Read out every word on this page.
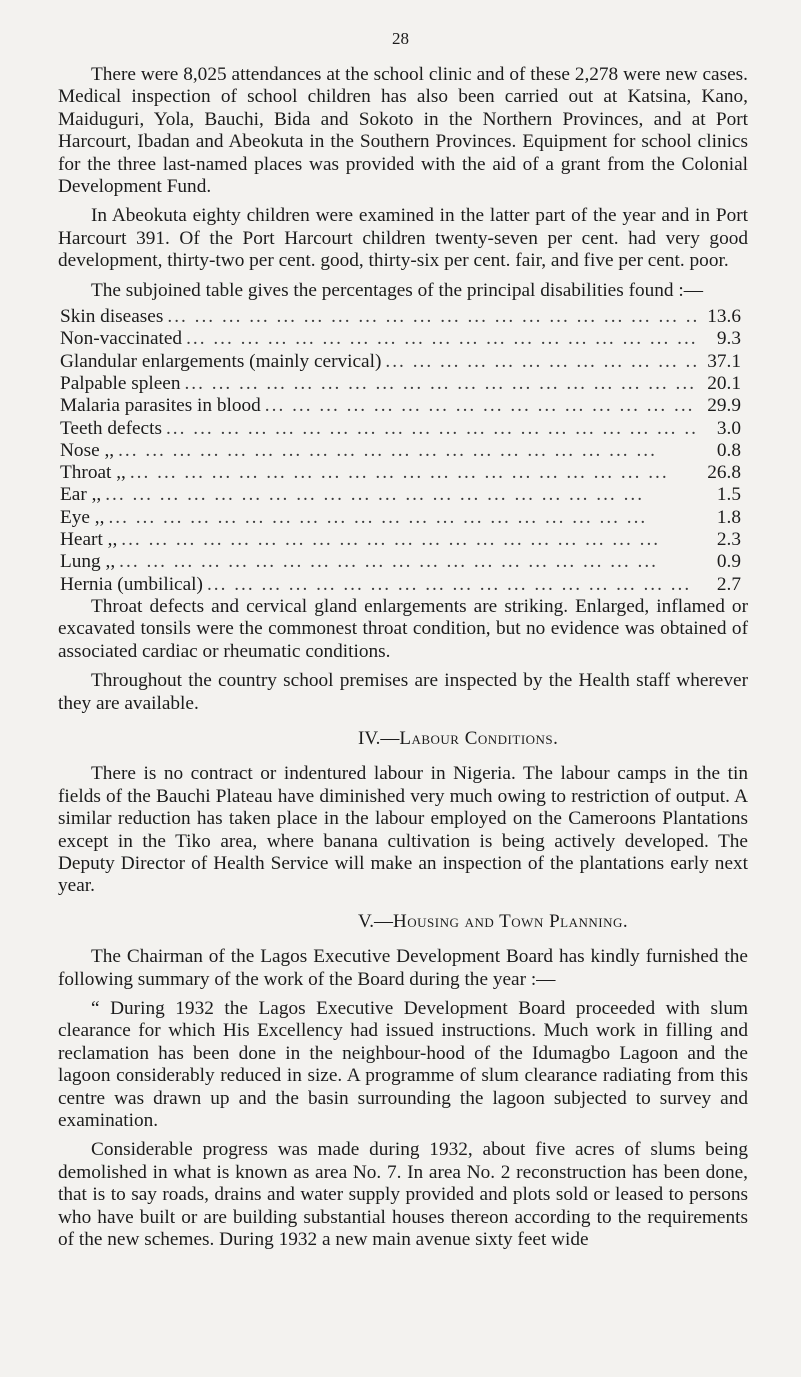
28

There were 8,025 attendances at the school clinic and of these 2,278 were new cases. Medical inspection of school children has also been carried out at Katsina, Kano, Maiduguri, Yola, Bauchi, Bida and Sokoto in the Northern Provinces, and at Port Harcourt, Ibadan and Abeokuta in the Southern Provinces. Equipment for school clinics for the three last-named places was provided with the aid of a grant from the Colonial Development Fund.

In Abeokuta eighty children were examined in the latter part of the year and in Port Harcourt 391. Of the Port Harcourt children twenty-seven per cent. had very good development, thirty-two per cent. good, thirty-six per cent. fair, and five per cent. poor.

The subjoined table gives the percentages of the principal disabilities found :—

Skin diseases ... .	13.6
Non-vaccinated ... .	9.3
Glandular enlargements (mainly cervical) ... .	37.1
Palpable spleen ... .	20.1
Malaria parasites in blood ... .	29.9
Teeth defects ... .	3.0
Nose ,, ... .	0.8
Throat ,, ... .	26.8
Ear ,, ... .	1.5
Eye ,, ... .	1.8
Heart ,, ... .	2.3
Lung ,, ... .	0.9
Hernia (umbilical) ... .	2.7

Throat defects and cervical gland enlargements are striking. Enlarged, inflamed or excavated tonsils were the commonest throat condition, but no evidence was obtained of associated cardiac or rheumatic conditions.

Throughout the country school premises are inspected by the Health staff wherever they are available.

IV.—Labour Conditions.

There is no contract or indentured labour in Nigeria. The labour camps in the tin fields of the Bauchi Plateau have diminished very much owing to restriction of output. A similar reduction has taken place in the labour employed on the Cameroons Plantations except in the Tiko area, where banana cultivation is being actively developed. The Deputy Director of Health Service will make an inspection of the plantations early next year.

V.—Housing and Town Planning.

The Chairman of the Lagos Executive Development Board has kindly furnished the following summary of the work of the Board during the year :—

“ During 1932 the Lagos Executive Development Board proceeded with slum clearance for which His Excellency had issued instructions. Much work in filling and reclamation has been done in the neighbour-hood of the Idumagbo Lagoon and the lagoon considerably reduced in size. A programme of slum clearance radiating from this centre was drawn up and the basin surrounding the lagoon subjected to survey and examination.

Considerable progress was made during 1932, about five acres of slums being demolished in what is known as area No. 7. In area No. 2 reconstruction has been done, that is to say roads, drains and water supply provided and plots sold or leased to persons who have built or are building substantial houses thereon according to the requirements of the new schemes. During 1932 a new main avenue sixty feet wide
